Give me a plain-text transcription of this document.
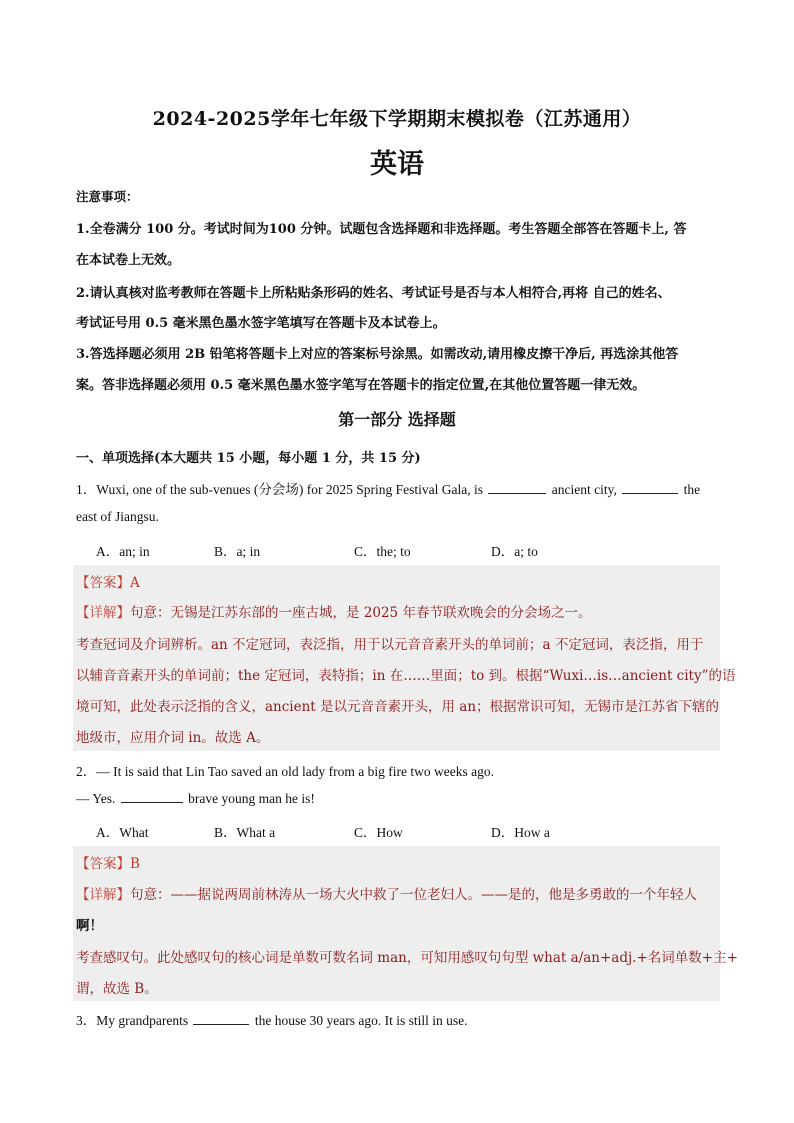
2024-2025学年七年级下学期期末模拟卷（江苏通用）
英语
注意事项：
1.全卷满分 100 分。考试时间为100 分钟。试题包含选择题和非选择题。考生答题全部答在答题卡上, 答
在本试卷上无效。
2.请认真核对监考教师在答题卡上所粘贴条形码的姓名、考试证号是否与本人相符合,再将 自己的姓名、
考试证号用 0.5 毫米黑色墨水签字笔填写在答题卡及本试卷上。
3.答选择题必须用 2B 铅笔将答题卡上对应的答案标号涂黑。如需改动,请用橡皮擦干净后, 再选涂其他答
案。答非选择题必须用 0.5 毫米黑色墨水签字笔写在答题卡的指定位置,在其他位置答题一律无效。
第一部分 选择题
一、单项选择(本大题共 15 小题，每小题 1 分，共 15 分)
1．Wuxi, one of the sub-venues (分会场) for 2025 Spring Festival Gala, is	ancient city,	the
east of Jiangsu.
A．an; in	B．a; in	C．the; to	D．a; to
【答案】A
【详解】句意：无锡是江苏东部的一座古城，是 2025 年春节联欢晚会的分会场之一。
考查冠词及介词辨析。an 不定冠词，表泛指，用于以元音音素开头的单词前；a 不定冠词，表泛指，用于
以辅音音素开头的单词前；the 定冠词，表特指；in 在……里面；to 到。根据“Wuxi…is…ancient city”的语
境可知，此处表示泛指的含义，ancient 是以元音音素开头，用 an；根据常识可知，无锡市是江苏省下辖的
地级市，应用介词 in。故选 A。
2．— It is said that Lin Tao saved an old lady from a big fire two weeks ago.
— Yes.	brave young man he is!
A．What	B．What a	C．How	D．How a
【答案】B
【详解】句意：——据说两周前林涛从一场大火中救了一位老妇人。——是的，他是多勇敢的一个年轻人
啊！
考查感叹句。此处感叹句的核心词是单数可数名词 man，可知用感叹句句型 what a/an+adj.+名词单数+主+
谓，故选 B。
3．My grandparents	the house 30 years ago. It is still in use.
